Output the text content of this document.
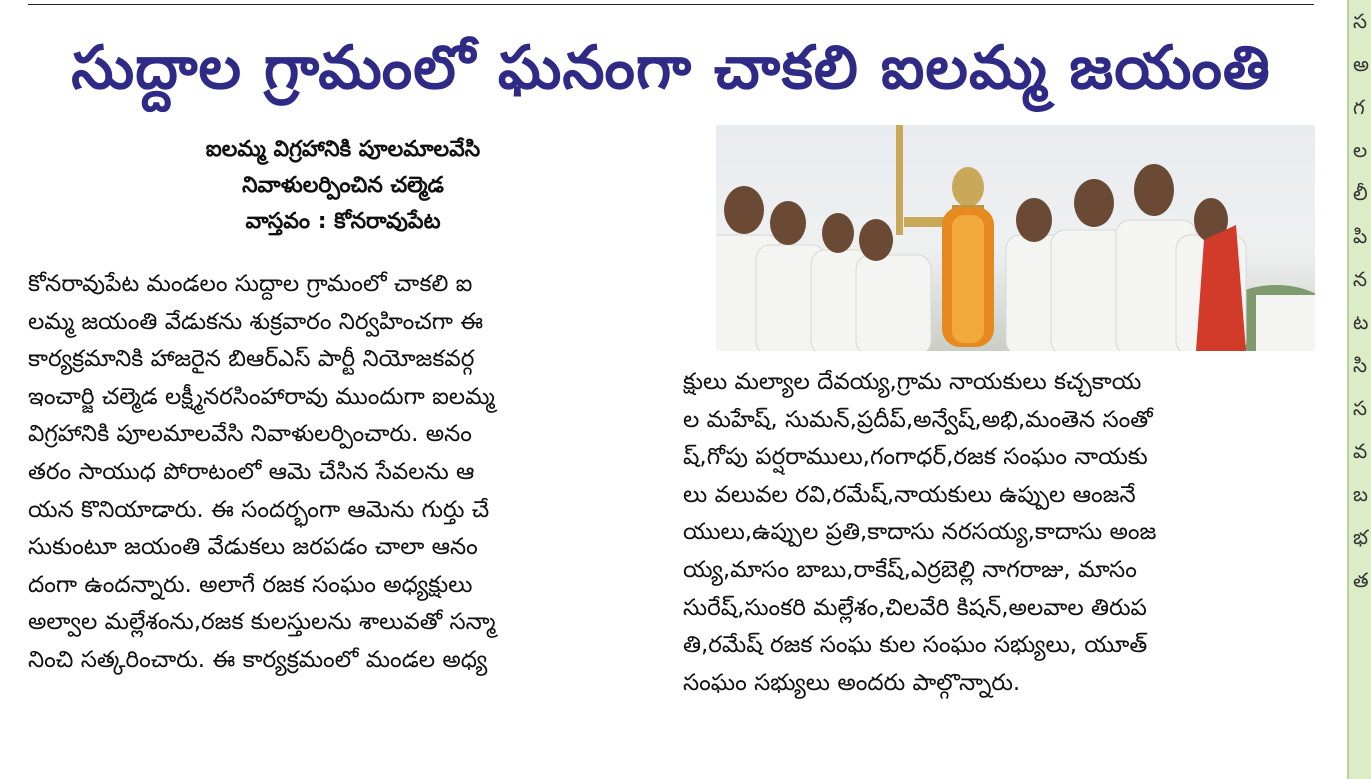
సుద్దాల గ్రామంలో ఘనంగా చాకలి ఐలమ్మ జయంతి
ఐలమ్మ విగ్రహానికి పూలమాలవేసి
నివాళులర్పించిన చల్మెడ
వాస్తవం : కోనరావుపేట
కోనరావుపేట మండలం సుద్దాల గ్రామంలో చాకలి ఐ
లమ్మ జయంతి వేడుకను శుక్రవారం నిర్వహించగా ఈ
కార్యక్రమానికి హాజరైన బిఆర్ఎస్ పార్టీ నియోజకవర్గ
ఇంచార్జి చల్మెడ లక్ష్మీనరసింహారావు ముందుగా ఐలమ్మ
విగ్రహానికి పూలమాలవేసి నివాళులర్పించారు. అనం
తరం సాయుధ పోరాటంలో ఆమె చేసిన సేవలను ఆ
యన కొనియాడారు. ఈ సందర్భంగా ఆమెను గుర్తు చే
సుకుంటూ జయంతి వేడుకలు జరపడం చాలా ఆనం
దంగా ఉందన్నారు. అలాగే రజక సంఘం అధ్యక్షులు
అల్వాల మల్లేశంను,రజక కులస్తులను శాలువతో సన్మా
నించి సత్కరించారు. ఈ కార్యక్రమంలో మండల అధ్య
క్షులు మల్యాల దేవయ్య,గ్రామ నాయకులు కచ్చకాయ
ల మహేష్, సుమన్,ప్రదీప్,అన్వేష్,అభి,మంతెన సంతో
ష్,గోపు పర్షరాములు,గంగాధర్,రజక సంఘం నాయకు
లు వలువల రవి,రమేష్,నాయకులు ఉప్పుల ఆంజనే
యులు,ఉప్పుల ప్రతి,కాదాసు నరసయ్య,కాదాసు అంజ
య్య,మాసం బాబు,రాకేష్,ఎర్రబెల్లి నాగరాజు, మాసం
సురేష్,సుంకరి మల్లేశం,చిలవేరి కిషన్,అలవాల తిరుప
తి,రమేష్ రజక సంఘ కుల సంఘం సభ్యులు, యూత్
సంఘం సభ్యులు అందరు పాల్గొన్నారు.
స
అ
గ
ల
లీ
పి
న
ట
సి
స
వ
బ
భ
త
